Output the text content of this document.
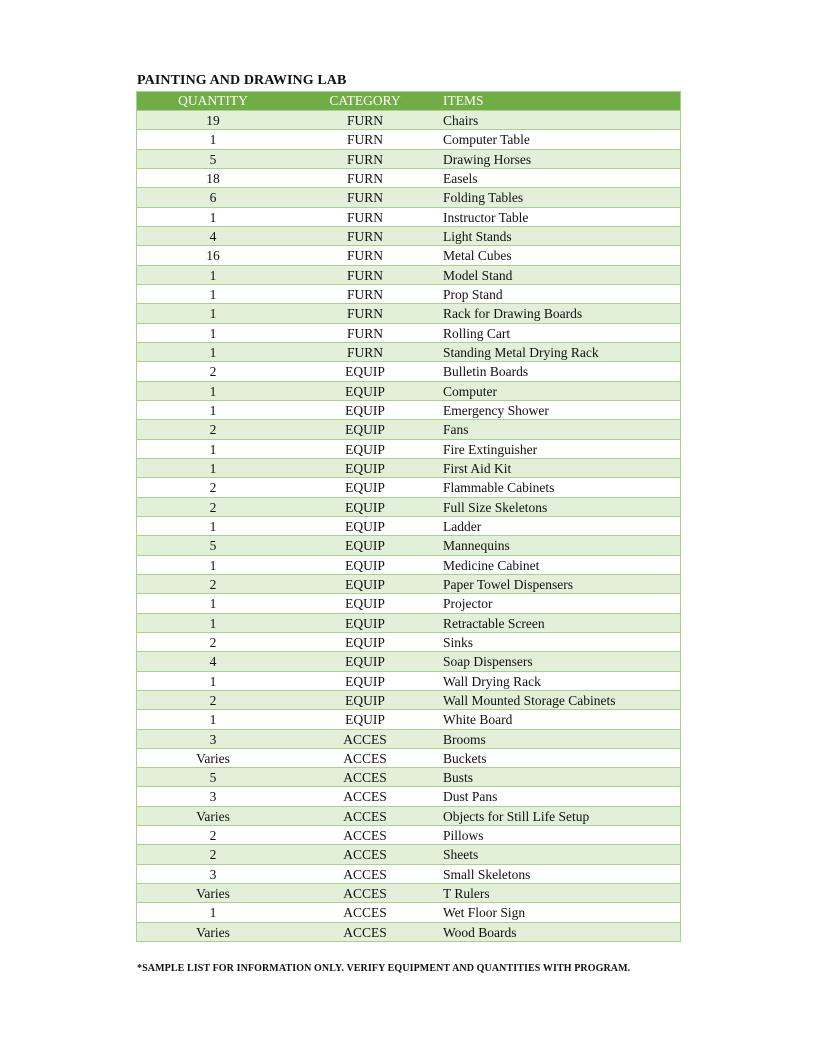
PAINTING AND DRAWING LAB
QUANTITY	CATEGORY	ITEMS
19	FURN	Chairs
1	FURN	Computer Table
5	FURN	Drawing Horses
18	FURN	Easels
6	FURN	Folding Tables
1	FURN	Instructor Table
4	FURN	Light Stands
16	FURN	Metal Cubes
1	FURN	Model Stand
1	FURN	Prop Stand
1	FURN	Rack for Drawing Boards
1	FURN	Rolling Cart
1	FURN	Standing Metal Drying Rack
2	EQUIP	Bulletin Boards
1	EQUIP	Computer
1	EQUIP	Emergency Shower
2	EQUIP	Fans
1	EQUIP	Fire Extinguisher
1	EQUIP	First Aid Kit
2	EQUIP	Flammable Cabinets
2	EQUIP	Full Size Skeletons
1	EQUIP	Ladder
5	EQUIP	Mannequins
1	EQUIP	Medicine Cabinet
2	EQUIP	Paper Towel Dispensers
1	EQUIP	Projector
1	EQUIP	Retractable Screen
2	EQUIP	Sinks
4	EQUIP	Soap Dispensers
1	EQUIP	Wall Drying Rack
2	EQUIP	Wall Mounted Storage Cabinets
1	EQUIP	White Board
3	ACCES	Brooms
Varies	ACCES	Buckets
5	ACCES	Busts
3	ACCES	Dust Pans
Varies	ACCES	Objects for Still Life Setup
2	ACCES	Pillows
2	ACCES	Sheets
3	ACCES	Small Skeletons
Varies	ACCES	T Rulers
1	ACCES	Wet Floor Sign
Varies	ACCES	Wood Boards
*SAMPLE LIST FOR INFORMATION ONLY. VERIFY EQUIPMENT AND QUANTITIES WITH PROGRAM.
